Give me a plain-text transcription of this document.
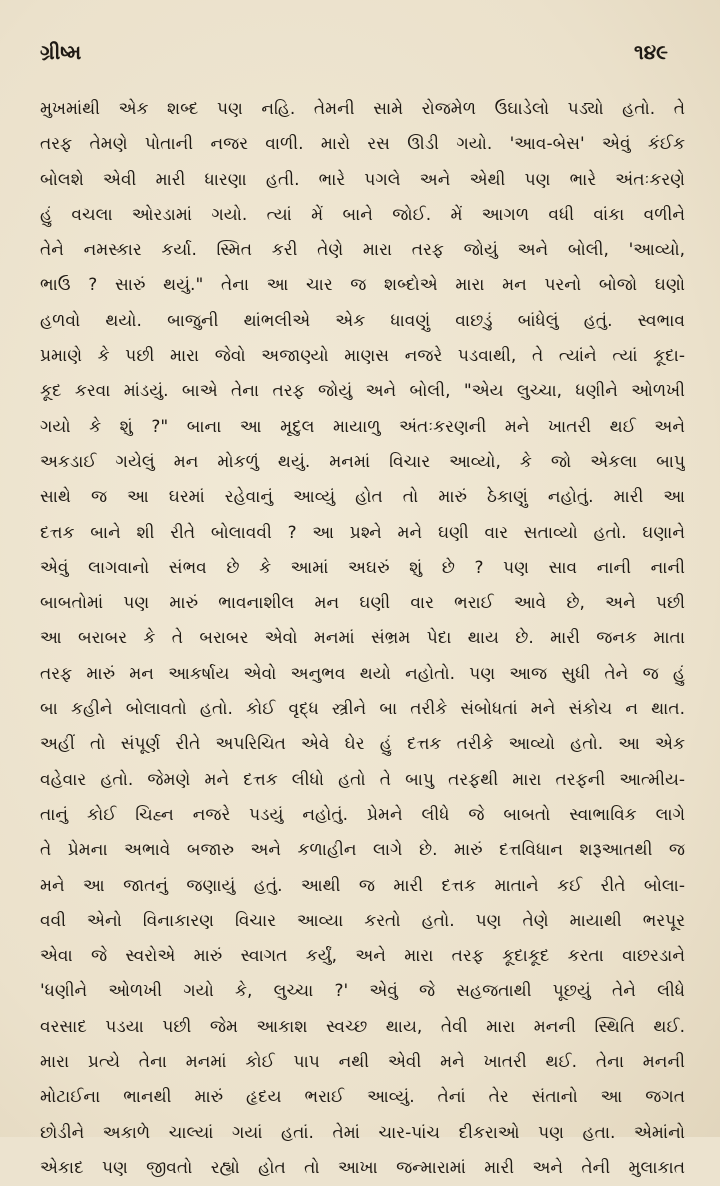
ગ્રીષ્મ	૧૪૯
મુખમાંથી એક શબ્દ પણ નહિ. તેમની સામે રોજમેળ ઉઘાડેલો પડ્યો હતો. તે
તરફ તેમણે પોતાની નજર વાળી. મારો રસ ઊડી ગયો. 'આવ-બેસ' એવું કંઈક
બોલશે એવી મારી ધારણા હતી. ભારે પગલે અને એથી પણ ભારે અંતઃકરણે
હું વચલા ઓરડામાં ગયો. ત્યાં મેં બાને જોઈ. મેં આગળ વધી વાંકા વળીને
તેને નમસ્કાર કર્યા. સ્મિત કરી તેણે મારા તરફ જોયું અને બોલી, 'આવ્યો,
ભાઉ ? સારું થયું." તેના આ ચાર જ શબ્દોએ મારા મન પરનો બોજો ઘણો
હળવો થયો. બાજુની થાંભલીએ એક ધાવણું વાછડું બાંધેલું હતું. સ્વભાવ
પ્રમાણે કે પછી મારા જેવો અજાણ્યો માણસ નજરે પડવાથી, તે ત્યાંને ત્યાં કૂદા-
કૂદ કરવા માંડયું. બાએ તેના તરફ જોયું અને બોલી, "એય લુચ્ચા, ધણીને ઓળખી
ગયો કે શું ?" બાના આ મૃદુલ માયાળુ અંતઃકરણની મને ખાતરી થઈ અને
અકડાઈ ગયેલું મન મોકળું થયું. મનમાં વિચાર આવ્યો, કે જો એકલા બાપુ
સાથે જ આ ઘરમાં રહેવાનું આવ્યું હોત તો મારું ઠેકાણું નહોતું. મારી આ
દત્તક બાને શી રીતે બોલાવવી ? આ પ્રશ્ને મને ઘણી વાર સતાવ્યો હતો. ઘણાને
એવું લાગવાનો સંભવ છે કે આમાં અઘરું શું છે ? પણ સાવ નાની નાની
બાબતોમાં પણ મારું ભાવનાશીલ મન ઘણી વાર ભરાઈ આવે છે, અને પછી
આ બરાબર કે તે બરાબર એવો મનમાં સંભ્રમ પેદા થાય છે. મારી જનક માતા
તરફ મારું મન આકર્ષાય એવો અનુભવ થયો નહોતો. પણ આજ સુધી તેને જ હું
બા કહીને બોલાવતો હતો. કોઈ વૃદ્ધ સ્ત્રીને બા તરીકે સંબોધતાં મને સંકોચ ન થાત.
અહીં તો સંપૂર્ણ રીતે અપરિચિત એવે ઘેર હું દત્તક તરીકે આવ્યો હતો. આ એક
વહેવાર હતો. જેમણે મને દત્તક લીધો હતો તે બાપુ તરફથી મારા તરફની આત્મીય-
તાનું કોઈ ચિહ્ન નજરે પડયું નહોતું. પ્રેમને લીધે જે બાબતો સ્વાભાવિક લાગે
તે પ્રેમના અભાવે બજારુ અને કળાહીન લાગે છે. મારું દત્તવિધાન શરૂઆતથી જ
મને આ જાતનું જણાયું હતું. આથી જ મારી દત્તક માતાને કઈ રીતે બોલા-
વવી એનો વિનાકારણ વિચાર આવ્યા કરતો હતો. પણ તેણે માયાથી ભરપૂર
એવા જે સ્વરોએ મારું સ્વાગત કર્યું, અને મારા તરફ કૂદાકૂદ કરતા વાછરડાને
'ધણીને ઓળખી ગયો કે, લુચ્ચા ?' એવું જે સહજતાથી પૂછયું તેને લીધે
વરસાદ પડયા પછી જેમ આકાશ સ્વચ્છ થાય, તેવી મારા મનની સ્થિતિ થઈ.
મારા પ્રત્યે તેના મનમાં કોઈ પાપ નથી એવી મને ખાતરી થઈ. તેના મનની
મોટાઈના ભાનથી મારું હૃદય ભરાઈ આવ્યું. તેનાં તેર સંતાનો આ જગત
છોડીને અકાળે ચાલ્યાં ગયાં હતાં. તેમાં ચાર-પાંચ દીકરાઓ પણ હતા. એમાંનો
એકાદ પણ જીવતો રહ્યો હોત તો આખા જન્મારામાં મારી અને તેની મુલાકાત
